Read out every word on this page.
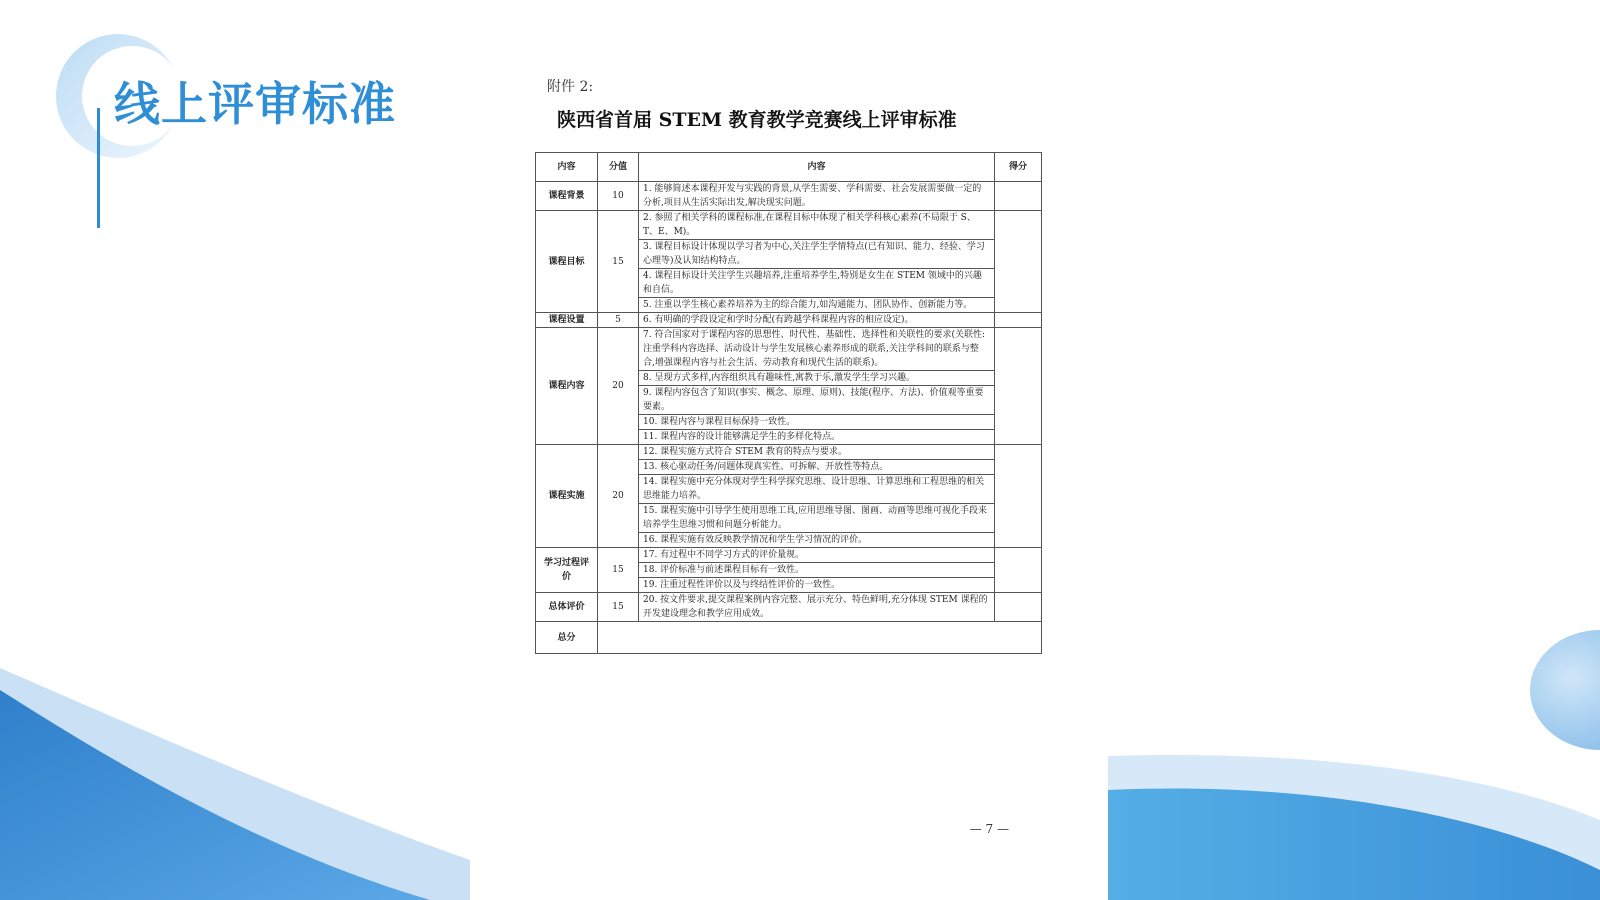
线上评审标准	附件 2:
陕西省首届 STEM 教育教学竞赛线上评审标准
内容	分值	内容	得分
课程背景	10	1. 能够简述本课程开发与实践的背景,从学生需要、学科需要、社会发展需要做一定的分析,项目从生活实际出发,解决现实问题。	
课程目标	15	2. 参照了相关学科的课程标准,在课程目标中体现了相关学科核心素养(不局限于 S、T、E、M)。	
		3. 课程目标设计体现以学习者为中心,关注学生学情特点(已有知识、能力、经验、学习心理等)及认知结构特点。	
		4. 课程目标设计关注学生兴趣培养,注重培养学生,特别是女生在 STEM 领域中的兴趣和自信。	
		5. 注重以学生核心素养培养为主的综合能力,如沟通能力、团队协作、创新能力等。	
课程设置	5	6. 有明确的学段设定和学时分配(有跨越学科课程内容的相应设定)。	
课程内容	20	7. 符合国家对于课程内容的思想性、时代性、基础性、选择性和关联性的要求(关联性:注重学科内容选择、活动设计与学生发展核心素养形成的联系,关注学科间的联系与整合,增强课程内容与社会生活、劳动教育和现代生活的联系)。	
		8. 呈现方式多样,内容组织具有趣味性,寓教于乐,激发学生学习兴趣。	
		9. 课程内容包含了知识(事实、概念、原理、原则)、技能(程序、方法)、价值观等重要要素。	
		10. 课程内容与课程目标保持一致性。	
		11. 课程内容的设计能够满足学生的多样化特点。	
课程实施	20	12. 课程实施方式符合 STEM 教育的特点与要求。	
		13. 核心驱动任务/问题体现真实性、可拆解、开放性等特点。	
		14. 课程实施中充分体现对学生科学探究思维、设计思维、计算思维和工程思维的相关思维能力培养。	
		15. 课程实施中引导学生使用思维工具,应用思维导图、图画、动画等思维可视化手段来培养学生思维习惯和问题分析能力。	
		16. 课程实施有效反映教学情况和学生学习情况的评价。	
学习过程评价	15	17. 有过程中不同学习方式的评价量规。	
		18. 评价标准与前述课程目标有一致性。	
		19. 注重过程性评价以及与终结性评价的一致性。	
总体评价	15	20. 按文件要求,提交课程案例内容完整、展示充分、特色鲜明,充分体现 STEM 课程的开发建设理念和教学应用成效。	
总分			
— 7 —
